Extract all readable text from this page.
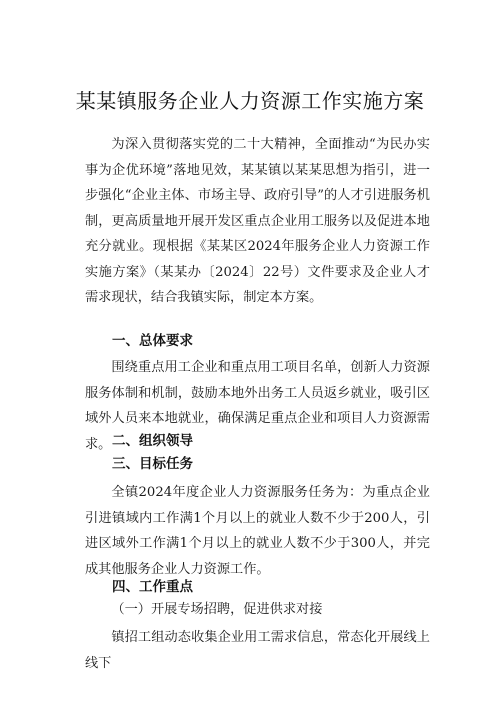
某某镇服务企业人力资源工作实施方案

为深入贯彻落实党的二十大精神，全面推动“为民办实事为企优环境”落地见效，某某镇以某某思想为指引，进一步强化“企业主体、市场主导、政府引导”的人才引进服务机制，更高质量地开展开发区重点企业用工服务以及促进本地充分就业。现根据《某某区2024年服务企业人力资源工作实施方案》（某某办〔2024〕22号）文件要求及企业人才需求现状，结合我镇实际，制定本方案。

一、总体要求

围绕重点用工企业和重点用工项目名单，创新人力资源服务体制和机制，鼓励本地外出务工人员返乡就业，吸引区域外人员来本地就业，确保满足重点企业和项目人力资源需求。 二、组织领导

三、目标任务

全镇2024年度企业人力资源服务任务为：为重点企业引进镇域内工作满1个月以上的就业人数不少于200人，引进区域外工作满1个月以上的就业人数不少于300人，并完成其他服务企业人力资源工作。

四、工作重点

（一）开展专场招聘，促进供求对接

镇招工组动态收集企业用工需求信息，常态化开展线上线下
